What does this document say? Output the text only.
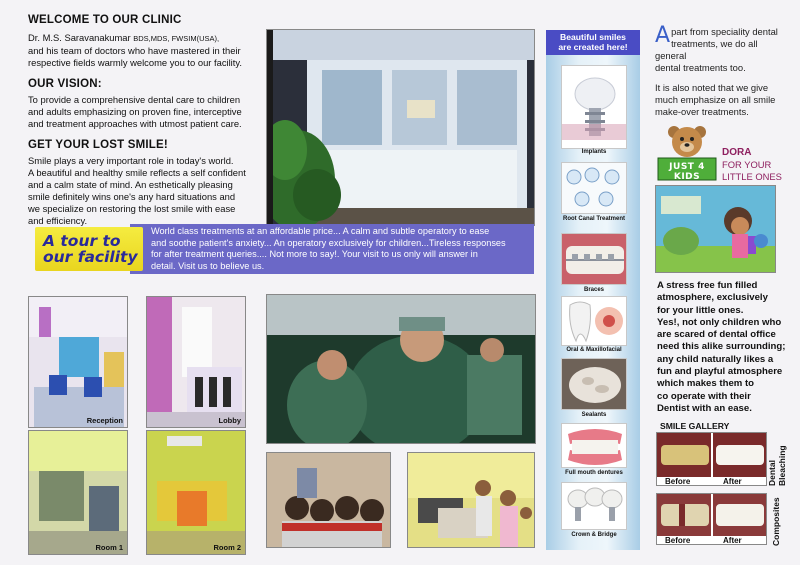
WELCOME TO OUR CLINIC
Dr. M.S. Saravanakumar BDS,MDS, FWSIM(USA),
and his team of doctors who have mastered in their
respective fields warmly welcome you to our facility.
OUR VISION:
To provide a comprehensive dental care to children
and adults emphasizing on proven fine, interceptive
and treatment approaches with utmost patient care.
GET YOUR LOST SMILE!
Smile plays a very important role in today's world.
A beautiful and healthy smile reflects a self confident
and a calm state of mind. An esthetically pleasing
smile definitely wins one's any hard situations and
we specialize on restoring the lost smile with ease
and efficiency.
A tour to
our facility
World class treatments at an affordable price... A calm and subtle operatory to ease
and soothe patient's anxiety... An operatory exclusively for children...Tireless responses
for after treatment queries.... Not more to say!. Your visit to us only will answer in
detail. Visit us to believe us.
Reception	Lobby
Room 1	Room 2
Beautiful smiles
are created here!
Implants
Root Canal Treatment
Braces
Oral & Maxillofacial
Sealants
Full mouth dentures
Crown & Bridge
A part from speciality dental
treatments, we do all general
dental treatments too.
It is also noted that we give
much emphasize on all smile
make-over treatments.
JUST 4 KIDS
DORA
FOR YOUR
LITTLE ONES
A stress free fun filled
atmosphere, exclusively
for your little ones.
Yes!, not only children who
are scared of dental office
need this alike surrounding;
any child naturally likes a
fun and playful atmosphere
which makes them to
co operate with their
Dentist with an ease.
SMILE GALLERY
Before	After	Dental
Bleaching
Before	After	Composites
